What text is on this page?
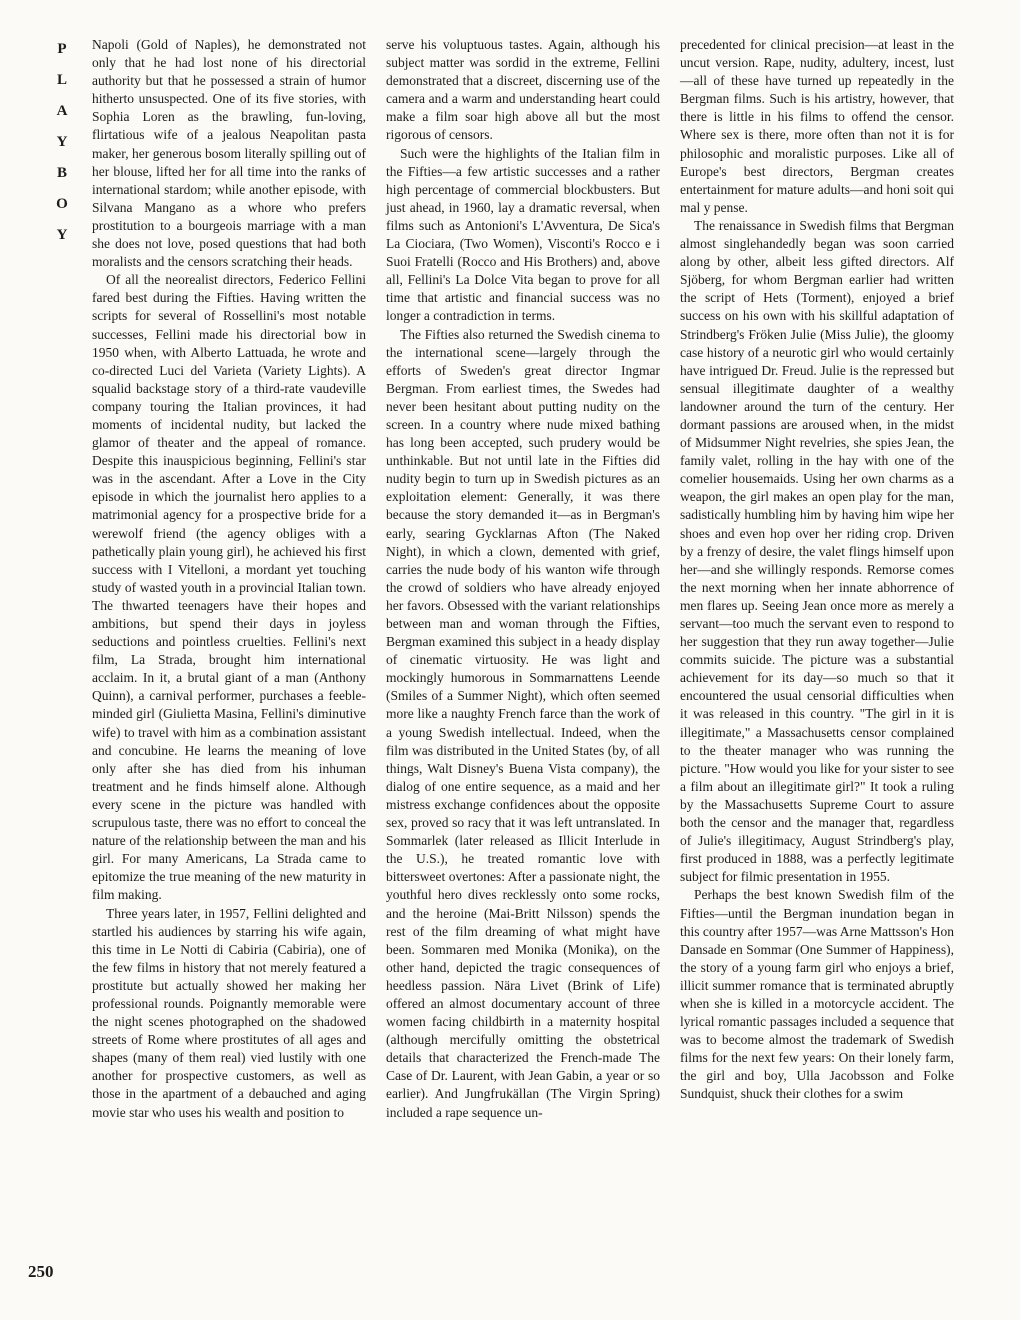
P
L
A
Y
B
O
Y
250

Napoli (Gold of Naples), he demonstrated not only that he had lost none of his directorial authority but that he possessed a strain of humor hitherto unsuspected. One of its five stories, with Sophia Loren as the brawling, fun-loving, flirtatious wife of a jealous Neapolitan pasta maker, her generous bosom literally spilling out of her blouse, lifted her for all time into the ranks of international stardom; while another episode, with Silvana Mangano as a whore who prefers prostitution to a bourgeois marriage with a man she does not love, posed questions that had both moralists and the censors scratching their heads.

Of all the neorealist directors, Federico Fellini fared best during the Fifties. Having written the scripts for several of Rossellini's most notable successes, Fellini made his directorial bow in 1950 when, with Alberto Lattuada, he wrote and co-directed Luci del Varieta (Variety Lights). A squalid backstage story of a third-rate vaudeville company touring the Italian provinces, it had moments of incidental nudity, but lacked the glamor of theater and the appeal of romance. Despite this inauspicious beginning, Fellini's star was in the ascendant. After a Love in the City episode in which the journalist hero applies to a matrimonial agency for a prospective bride for a werewolf friend (the agency obliges with a pathetically plain young girl), he achieved his first success with I Vitelloni, a mordant yet touching study of wasted youth in a provincial Italian town. The thwarted teenagers have their hopes and ambitions, but spend their days in joyless seductions and pointless cruelties. Fellini's next film, La Strada, brought him international acclaim. In it, a brutal giant of a man (Anthony Quinn), a carnival performer, purchases a feeble-minded girl (Giulietta Masina, Fellini's diminutive wife) to travel with him as a combination assistant and concubine. He learns the meaning of love only after she has died from his inhuman treatment and he finds himself alone. Although every scene in the picture was handled with scrupulous taste, there was no effort to conceal the nature of the relationship between the man and his girl. For many Americans, La Strada came to epitomize the true meaning of the new maturity in film making.

Three years later, in 1957, Fellini delighted and startled his audiences by starring his wife again, this time in Le Notti di Cabiria (Cabiria), one of the few films in history that not merely featured a prostitute but actually showed her making her professional rounds. Poignantly memorable were the night scenes photographed on the shadowed streets of Rome where prostitutes of all ages and shapes (many of them real) vied lustily with one another for prospective customers, as well as those in the apartment of a debauched and aging movie star who uses his wealth and position to

serve his voluptuous tastes. Again, although his subject matter was sordid in the extreme, Fellini demonstrated that a discreet, discerning use of the camera and a warm and understanding heart could make a film soar high above all but the most rigorous of censors.

Such were the highlights of the Italian film in the Fifties—a few artistic successes and a rather high percentage of commercial blockbusters. But just ahead, in 1960, lay a dramatic reversal, when films such as Antonioni's L'Avventura, De Sica's La Ciociara, (Two Women), Visconti's Rocco e i Suoi Fratelli (Rocco and His Brothers) and, above all, Fellini's La Dolce Vita began to prove for all time that artistic and financial success was no longer a contradiction in terms.

The Fifties also returned the Swedish cinema to the international scene—largely through the efforts of Sweden's great director Ingmar Bergman. From earliest times, the Swedes had never been hesitant about putting nudity on the screen. In a country where nude mixed bathing has long been accepted, such prudery would be unthinkable. But not until late in the Fifties did nudity begin to turn up in Swedish pictures as an exploitation element: Generally, it was there because the story demanded it—as in Bergman's early, searing Gycklarnas Afton (The Naked Night), in which a clown, demented with grief, carries the nude body of his wanton wife through the crowd of soldiers who have already enjoyed her favors. Obsessed with the variant relationships between man and woman through the Fifties, Bergman examined this subject in a heady display of cinematic virtuosity. He was light and mockingly humorous in Sommarnattens Leende (Smiles of a Summer Night), which often seemed more like a naughty French farce than the work of a young Swedish intellectual. Indeed, when the film was distributed in the United States (by, of all things, Walt Disney's Buena Vista company), the dialog of one entire sequence, as a maid and her mistress exchange confidences about the opposite sex, proved so racy that it was left untranslated. In Sommarlek (later released as Illicit Interlude in the U.S.), he treated romantic love with bittersweet overtones: After a passionate night, the youthful hero dives recklessly onto some rocks, and the heroine (Mai-Britt Nilsson) spends the rest of the film dreaming of what might have been. Sommaren med Monika (Monika), on the other hand, depicted the tragic consequences of heedless passion. Nära Livet (Brink of Life) offered an almost documentary account of three women facing childbirth in a maternity hospital (although mercifully omitting the obstetrical details that characterized the French-made The Case of Dr. Laurent, with Jean Gabin, a year or so earlier). And Jungfrukällan (The Virgin Spring) included a rape sequence un-

precedented for clinical precision—at least in the uncut version. Rape, nudity, adultery, incest, lust—all of these have turned up repeatedly in the Bergman films. Such is his artistry, however, that there is little in his films to offend the censor. Where sex is there, more often than not it is for philosophic and moralistic purposes. Like all of Europe's best directors, Bergman creates entertainment for mature adults—and honi soit qui mal y pense.

The renaissance in Swedish films that Bergman almost singlehandedly began was soon carried along by other, albeit less gifted directors. Alf Sjöberg, for whom Bergman earlier had written the script of Hets (Torment), enjoyed a brief success on his own with his skillful adaptation of Strindberg's Fröken Julie (Miss Julie), the gloomy case history of a neurotic girl who would certainly have intrigued Dr. Freud. Julie is the repressed but sensual illegitimate daughter of a wealthy landowner around the turn of the century. Her dormant passions are aroused when, in the midst of Midsummer Night revelries, she spies Jean, the family valet, rolling in the hay with one of the comelier housemaids. Using her own charms as a weapon, the girl makes an open play for the man, sadistically humbling him by having him wipe her shoes and even hop over her riding crop. Driven by a frenzy of desire, the valet flings himself upon her—and she willingly responds. Remorse comes the next morning when her innate abhorrence of men flares up. Seeing Jean once more as merely a servant—too much the servant even to respond to her suggestion that they run away together—Julie commits suicide. The picture was a substantial achievement for its day—so much so that it encountered the usual censorial difficulties when it was released in this country. "The girl in it is illegitimate," a Massachusetts censor complained to the theater manager who was running the picture. "How would you like for your sister to see a film about an illegitimate girl?" It took a ruling by the Massachusetts Supreme Court to assure both the censor and the manager that, regardless of Julie's illegitimacy, August Strindberg's play, first produced in 1888, was a perfectly legitimate subject for filmic presentation in 1955.

Perhaps the best known Swedish film of the Fifties—until the Bergman inundation began in this country after 1957—was Arne Mattsson's Hon Dansade en Sommar (One Summer of Happiness), the story of a young farm girl who enjoys a brief, illicit summer romance that is terminated abruptly when she is killed in a motorcycle accident. The lyrical romantic passages included a sequence that was to become almost the trademark of Swedish films for the next few years: On their lonely farm, the girl and boy, Ulla Jacobsson and Folke Sundquist, shuck their clothes for a swim
